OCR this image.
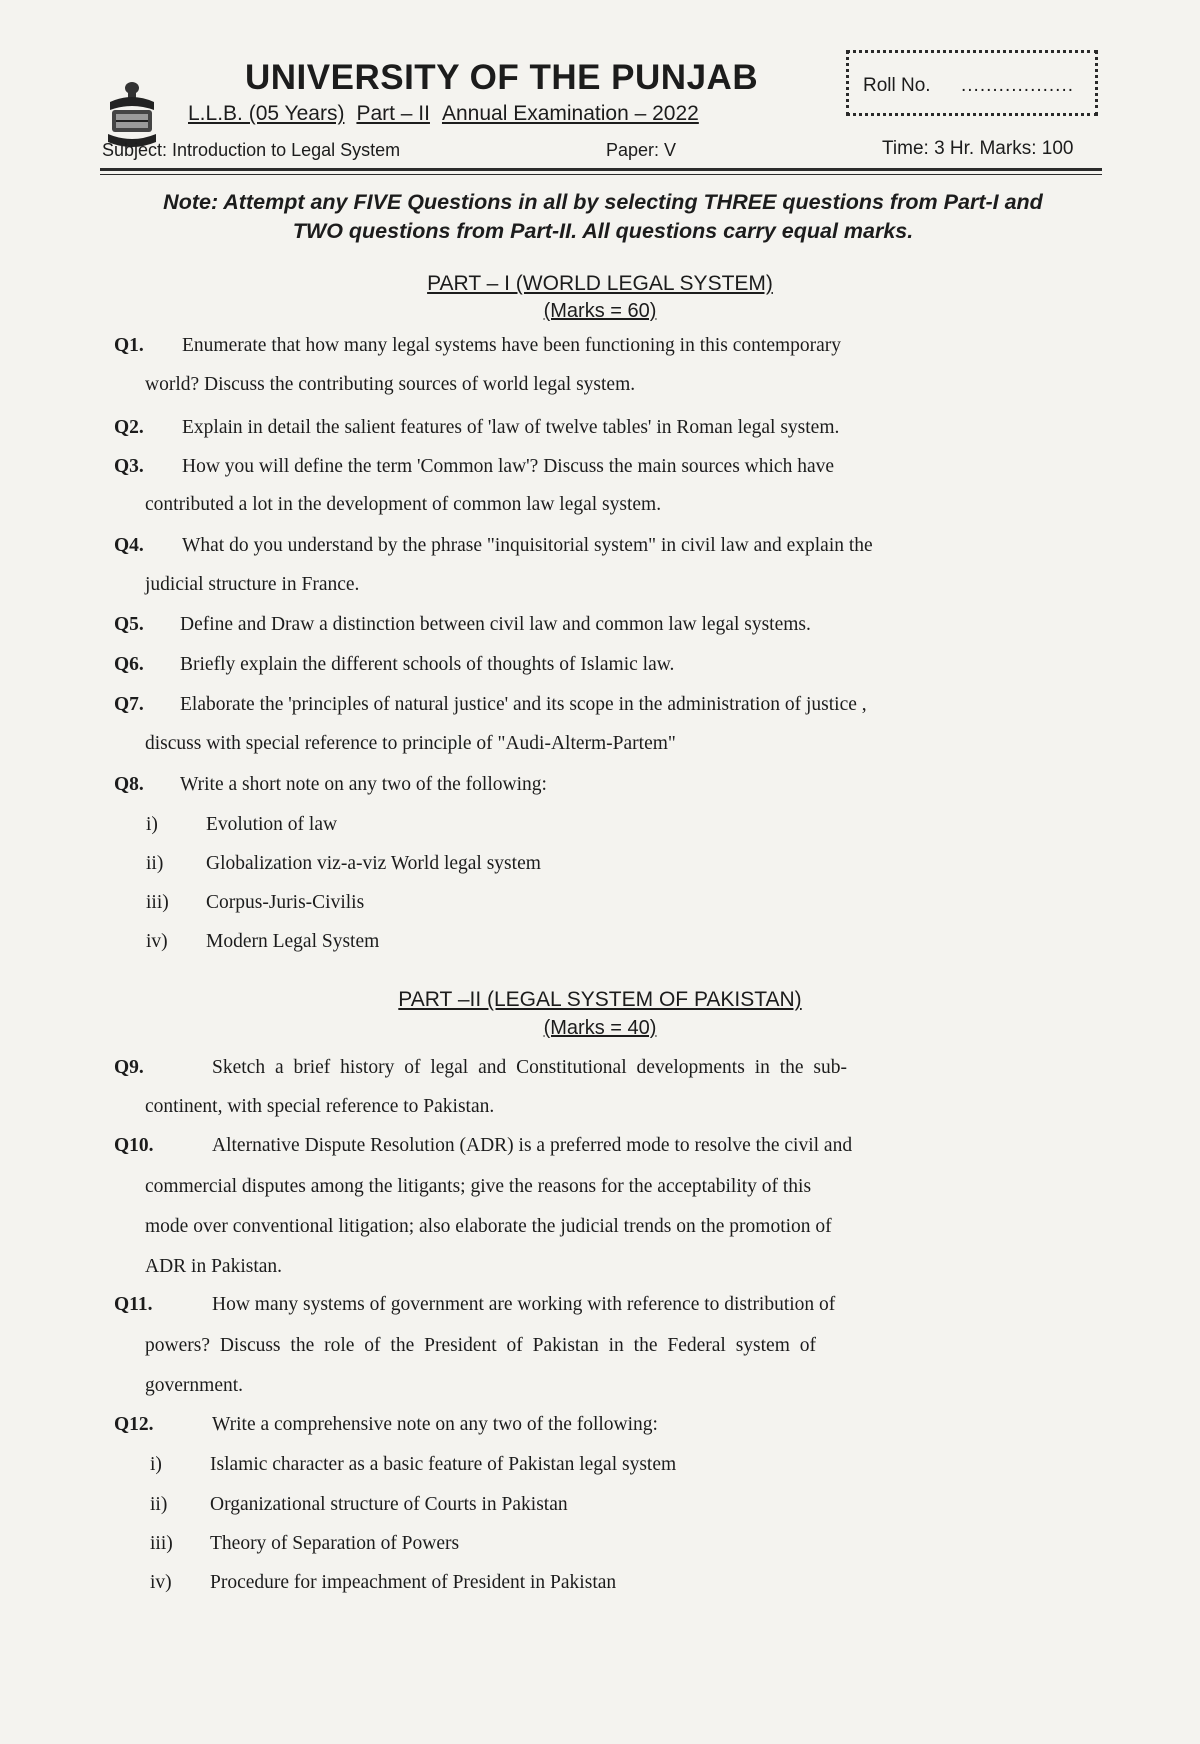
UNIVERSITY OF THE PUNJAB
L.L.B. (05 Years) Part – II Annual Examination – 2022
Roll No. ..................
Subject: Introduction to Legal System	Paper: V	Time: 3 Hr. Marks: 100
Note: Attempt any FIVE Questions in all by selecting THREE questions from Part-I and
TWO questions from Part-II. All questions carry equal marks.
PART – I (WORLD LEGAL SYSTEM)
(Marks = 60)
Q1. Enumerate that how many legal systems have been functioning in this contemporary
world? Discuss the contributing sources of world legal system.
Q2. Explain in detail the salient features of 'law of twelve tables' in Roman legal system.
Q3. How you will define the term 'Common law'? Discuss the main sources which have
contributed a lot in the development of common law legal system.
Q4. What do you understand by the phrase "inquisitorial system" in civil law and explain the
judicial structure in France.
Q5. Define and Draw a distinction between civil law and common law legal systems.
Q6. Briefly explain the different schools of thoughts of Islamic law.
Q7. Elaborate the 'principles of natural justice' and its scope in the administration of justice ,
discuss with special reference to principle of "Audi-Alterm-Partem"
Q8. Write a short note on any two of the following:
i) Evolution of law
ii) Globalization viz-a-viz World legal system
iii) Corpus-Juris-Civilis
iv) Modern Legal System
PART –II (LEGAL SYSTEM OF PAKISTAN)
(Marks = 40)
Q9.	Sketch a brief history of legal and Constitutional developments in the sub-
continent, with special reference to Pakistan.
Q10.	Alternative Dispute Resolution (ADR) is a preferred mode to resolve the civil and
commercial disputes among the litigants; give the reasons for the acceptability of this
mode over conventional litigation; also elaborate the judicial trends on the promotion of
ADR in Pakistan.
Q11.	How many systems of government are working with reference to distribution of
powers? Discuss the role of the President of Pakistan in the Federal system of
government.
Q12.	Write a comprehensive note on any two of the following:
i) Islamic character as a basic feature of Pakistan legal system
ii) Organizational structure of Courts in Pakistan
iii) Theory of Separation of Powers
iv) Procedure for impeachment of President in Pakistan
